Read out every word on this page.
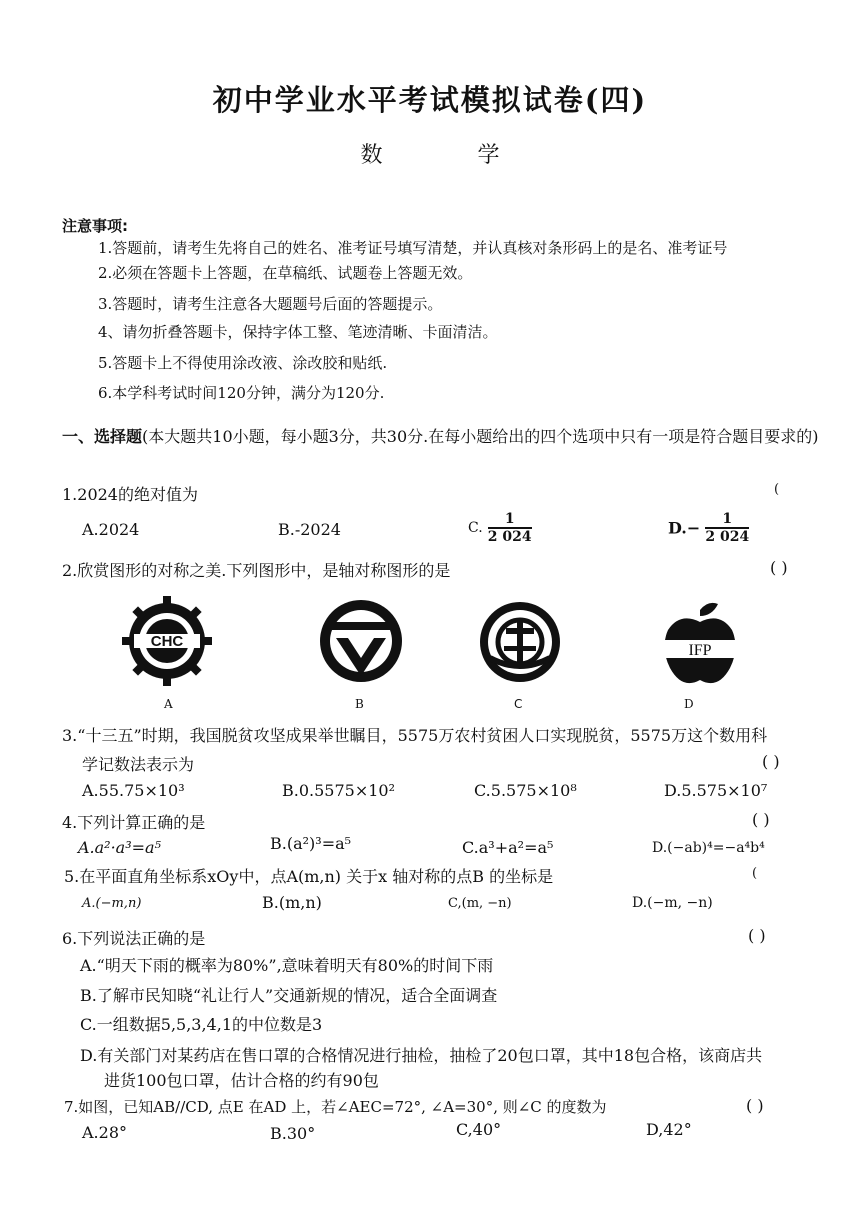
初中学业水平考试模拟试卷(四)
数 学
注意事项:
1.答题前，请考生先将自己的姓名、准考证号填写清楚，并认真核对条形码上的是名、准考证号
2.必须在答题卡上答题，在草稿纸、试题卷上答题无效。
3.答题时，请考生注意各大题题号后面的答题提示。
4、请勿折叠答题卡，保持字体工整、笔迹清晰、卡面清洁。
5.答题卡上不得使用涂改液、涂改胶和贴纸.
6.本学科考试时间120分钟，满分为120分.
一、选择题(本大题共10小题，每小题3分，共30分.在每小题给出的四个选项中只有一项是符合题目要求的)
1.2024的绝对值为	(
A.2024	B.-2024	C. $\frac{1}{2 024}$	$D.- \frac{1}{2 024}$
2.欣赏图形的对称之美.下列图形中，是轴对称图形的是	( )
CHC
A	B	C
IFP
D
3.“十三五”时期，我国脱贫攻坚成果举世瞩目，5575万农村贫困人口实现脱贫，5575万这个数用科
学记数法表示为	( )
A.55.75×10³	B.0.5575×10²	C.5.575×10⁸	D.5.575×10⁷
4.下列计算正确的是	( )
A.a²·a³=a⁵	B.(a²)³=a⁵	C.a³+a²=a⁵	D.(−ab)⁴=−a⁴b⁴
5.在平面直角坐标系xOy中，点A(m,n) 关于x 轴对称的点B 的坐标是	(
A.(−m,n)	B.(m,n)	C,(m, −n)	D.(−m, −n)
6.下列说法正确的是	( )
A.“明天下雨的概率为80%”,意味着明天有80%的时间下雨
B.了解市民知晓“礼让行人”交通新规的情况，适合全面调查
C.一组数据5,5,3,4,1的中位数是3
D.有关部门对某药店在售口罩的合格情况进行抽检，抽检了20包口罩，其中18包合格，该商店共
进货100包口罩，估计合格的约有90包
7.如图，已知AB//CD, 点E 在AD 上，若∠AEC=72°, ∠A=30°, 则∠C 的度数为	( )
A.28°	B.30°	C,40°	D,42°
